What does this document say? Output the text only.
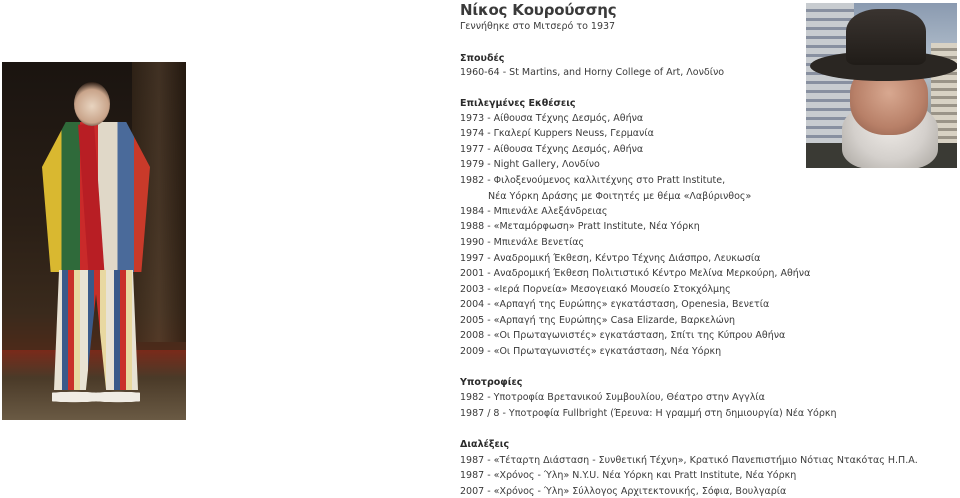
Νίκος Κουρούσσης
Γεννήθηκε στο Μιτσερό το 1937
Σπουδές
1960-64 - St Martins, and Horny College of Art, Λονδίνο
Επιλεγμένες Εκθέσεις
1973 - Αίθουσα Τέχνης Δεσμός, Αθήνα
1974 - Γκαλερί Kuppers Neuss, Γερμανία
1977 - Αίθουσα Τέχνης Δεσμός, Αθήνα
1979 - Night Gallery, Λονδίνο
1982 - Φιλοξενούμενος καλλιτέχνης στο Pratt Institute,
Νέα Υόρκη Δράσης με Φοιτητές με θέμα «Λαβύρινθος»
1984 - Μπιενάλε Αλεξάνδρειας
1988 - «Μεταμόρφωση» Pratt Institute, Νέα Υόρκη
1990 - Μπιενάλε Βενετίας
1997 - Αναδρομική Έκθεση, Κέντρο Τέχνης Διάσπρο, Λευκωσία
2001 - Αναδρομική Έκθεση Πολιτιστικό Κέντρο Μελίνα Μερκούρη, Αθήνα
2003 - «Ιερά Πορνεία» Μεσογειακό Μουσείο Στοκχόλμης
2004 - «Αρπαγή της Ευρώπης» εγκατάσταση, Openesia, Βενετία
2005 - «Αρπαγή της Ευρώπης» Casa Elizarde, Βαρκελώνη
2008 - «Οι Πρωταγωνιστές» εγκατάσταση, Σπίτι της Κύπρου Αθήνα
2009 - «Οι Πρωταγωνιστές» εγκατάσταση, Νέα Υόρκη
Υποτροφίες
1982 - Υποτροφία Βρετανικού Συμβουλίου, Θέατρο στην Αγγλία
1987 / 8 - Υποτροφία Fullbright (Έρευνα: Η γραμμή στη δημιουργία) Νέα Υόρκη
Διαλέξεις
1987 - «Τέταρτη Διάσταση - Συνθετική Τέχνη», Κρατικό Πανεπιστήμιο Νότιας Ντακότας Η.Π.Α.
1987 - «Χρόνος - Ύλη» N.Y.U. Νέα Υόρκη και Pratt Institute, Νέα Υόρκη
2007 - «Χρόνος - Ύλη» Σύλλογος Αρχιτεκτονικής, Σόφια, Βουλγαρία
